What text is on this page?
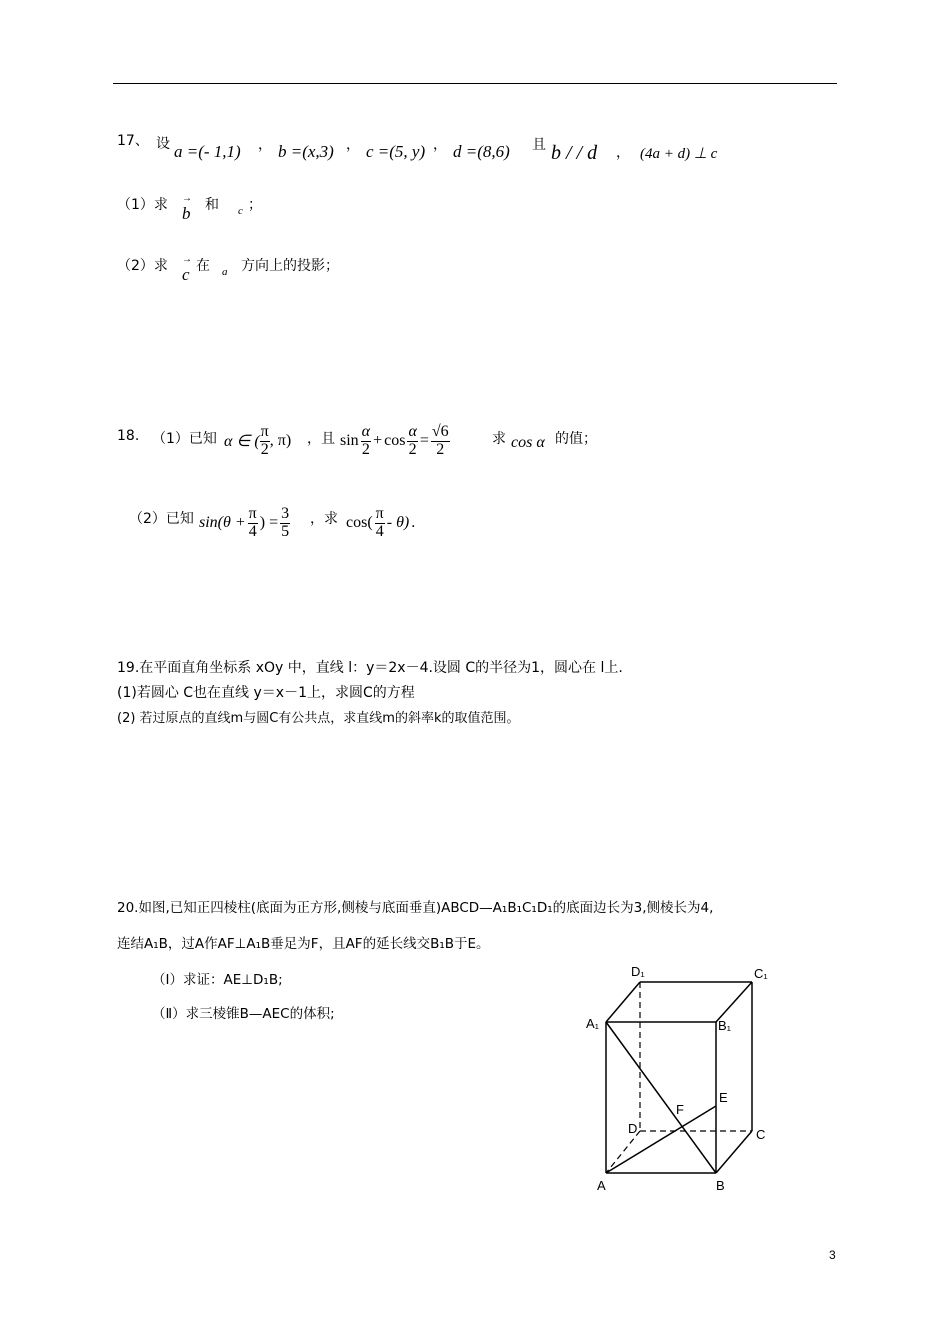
17、 设 a =(- 1,1) ， b =(x,3) ， c =(5, y) ， d =(8,6) 且 b / / d ， (4a + d) ⊥ c
（1）求 → b 和 c ；
（2）求 → c 在 a 方向上的投影；
18. （1）已知 α ∈ ( $\frac{\pi}{2}$ , π) ，且 $\sin \frac{\alpha}{2} + \cos \frac{\alpha}{2} = \frac{√6}{2}$	求 cos α 的值；
（2）已知 $\sin(\theta + \frac{\pi}{4}$ ) = $\frac{3}{5}$ ，求 $\cos( \frac{\pi}{4} - \theta)$ .
19.在平面直角坐标系 xOy 中，直线 l：y＝2x－4.设圆 C的半径为1，圆心在 l上.
(1)若圆心 C也在直线 y＝x－1上，求圆C的方程
(2) 若过原点的直线m与圆C有公共点，求直线m的斜率k的取值范围。
20.如图,已知正四棱柱(底面为正方形,侧棱与底面垂直)ABCD—A₁B₁C₁D₁的底面边长为3,侧棱长为4,
连结A₁B，过A作AF⊥A₁B垂足为F，且AF的延长线交B₁B于E。
（Ⅰ）求证：AE⊥D₁B;
（Ⅱ）求三棱锥B—AEC的体积;
D₁	C₁
A₁	B₁
E
F
D	C
A	B
3
